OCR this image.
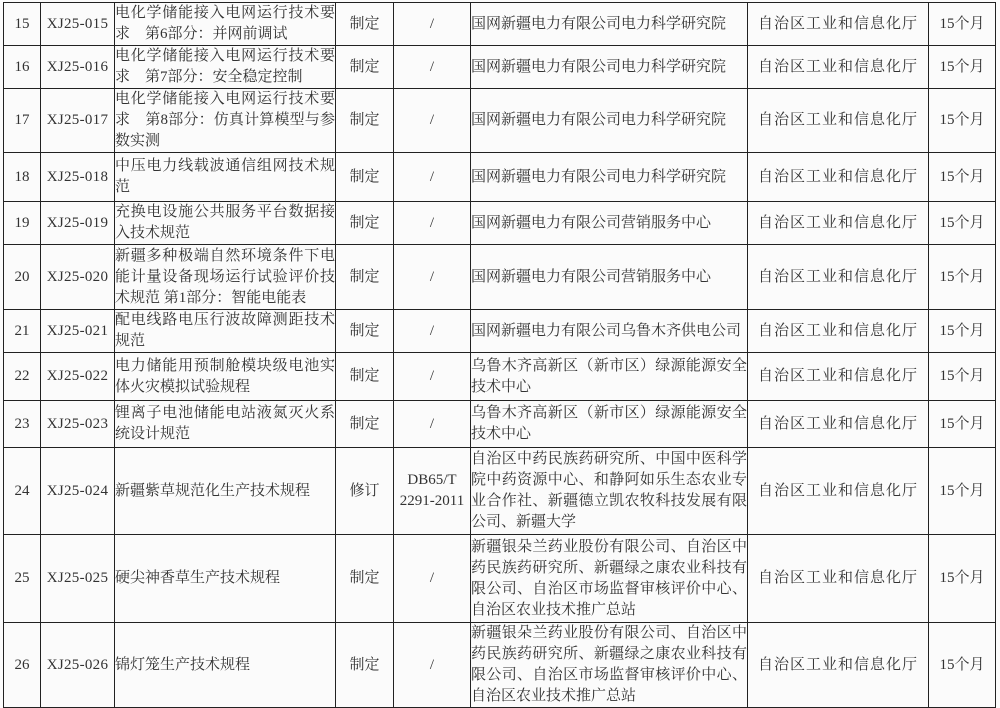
15	XJ25-015	电化学储能接入电网运行技术要求　第6部分：并网前调试	制定	/	国网新疆电力有限公司电力科学研究院	自治区工业和信息化厅	15个月
16	XJ25-016	电化学储能接入电网运行技术要求　第7部分：安全稳定控制	制定	/	国网新疆电力有限公司电力科学研究院	自治区工业和信息化厅	15个月
17	XJ25-017	电化学储能接入电网运行技术要求　第8部分：仿真计算模型与参数实测	制定	/	国网新疆电力有限公司电力科学研究院	自治区工业和信息化厅	15个月
18	XJ25-018	中压电力线载波通信组网技术规范	制定	/	国网新疆电力有限公司电力科学研究院	自治区工业和信息化厅	15个月
19	XJ25-019	充换电设施公共服务平台数据接入技术规范	制定	/	国网新疆电力有限公司营销服务中心	自治区工业和信息化厅	15个月
20	XJ25-020	新疆多种极端自然环境条件下电能计量设备现场运行试验评价技术规范 第1部分：智能电能表	制定	/	国网新疆电力有限公司营销服务中心	自治区工业和信息化厅	15个月
21	XJ25-021	配电线路电压行波故障测距技术规范	制定	/	国网新疆电力有限公司乌鲁木齐供电公司	自治区工业和信息化厅	15个月
22	XJ25-022	电力储能用预制舱模块级电池实体火灾模拟试验规程	制定	/	乌鲁木齐高新区（新市区）绿源能源安全技术中心	自治区工业和信息化厅	15个月
23	XJ25-023	锂离子电池储能电站液氮灭火系统设计规范	制定	/	乌鲁木齐高新区（新市区）绿源能源安全技术中心	自治区工业和信息化厅	15个月
24	XJ25-024	新疆紫草规范化生产技术规程	修订	DB65/T 2291-2011	自治区中药民族药研究所、中国中医科学院中药资源中心、和静阿如乐生态农业专业合作社、新疆德立凯农牧科技发展有限公司、新疆大学	自治区工业和信息化厅	15个月
25	XJ25-025	硬尖神香草生产技术规程	制定	/	新疆银朵兰药业股份有限公司、自治区中药民族药研究所、新疆绿之康农业科技有限公司、自治区市场监督审核评价中心、自治区农业技术推广总站	自治区工业和信息化厅	15个月
26	XJ25-026	锦灯笼生产技术规程	制定	/	新疆银朵兰药业股份有限公司、自治区中药民族药研究所、新疆绿之康农业科技有限公司、自治区市场监督审核评价中心、自治区农业技术推广总站	自治区工业和信息化厅	15个月
